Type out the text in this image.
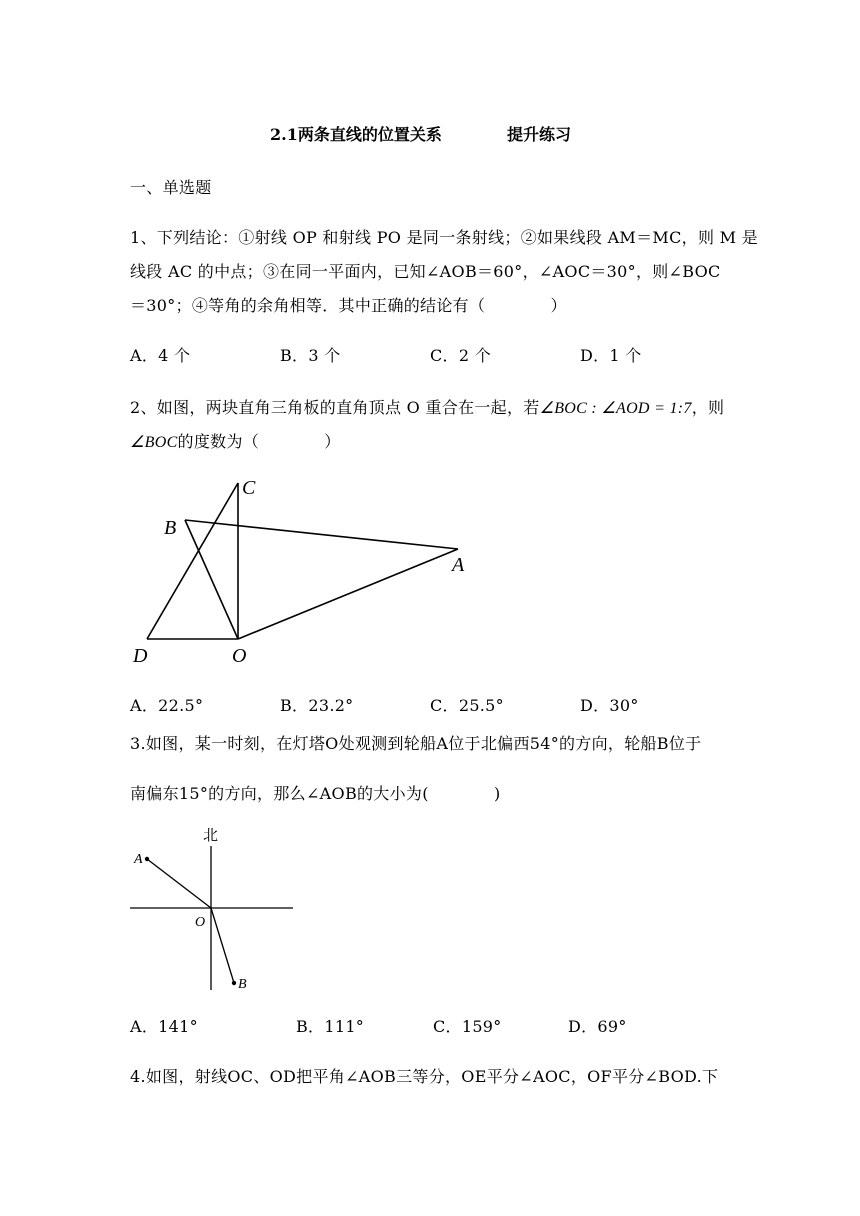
2.1两条直线的位置关系	提升练习
一、单选题
1、下列结论：①射线 OP 和射线 PO 是同一条射线；②如果线段 AM＝MC，则 M 是
线段 AC 的中点；③在同一平面内，已知∠AOB＝60°，∠AOC＝30°，则∠BOC
＝30°；④等角的余角相等．其中正确的结论有（　　　　）
A．4 个	B．3 个	C．2 个	D．1 个
2、如图，两块直角三角板的直角顶点 O 重合在一起，若∠BOC : ∠AOD = 1:7，则
∠BOC的度数为（　　　　）
C
B
A
D	O
A．22.5°	B．23.2°	C．25.5°	D．30°
3.如图，某一时刻，在灯塔O处观测到轮船A位于北偏西54°的方向，轮船B位于
南偏东15°的方向，那么∠AOB的大小为(　　　　)
北
A
O
B
A．141°	B．111°	C．159°	D．69°
4.如图，射线OC、OD把平角∠AOB三等分，OE平分∠AOC，OF平分∠BOD.下
